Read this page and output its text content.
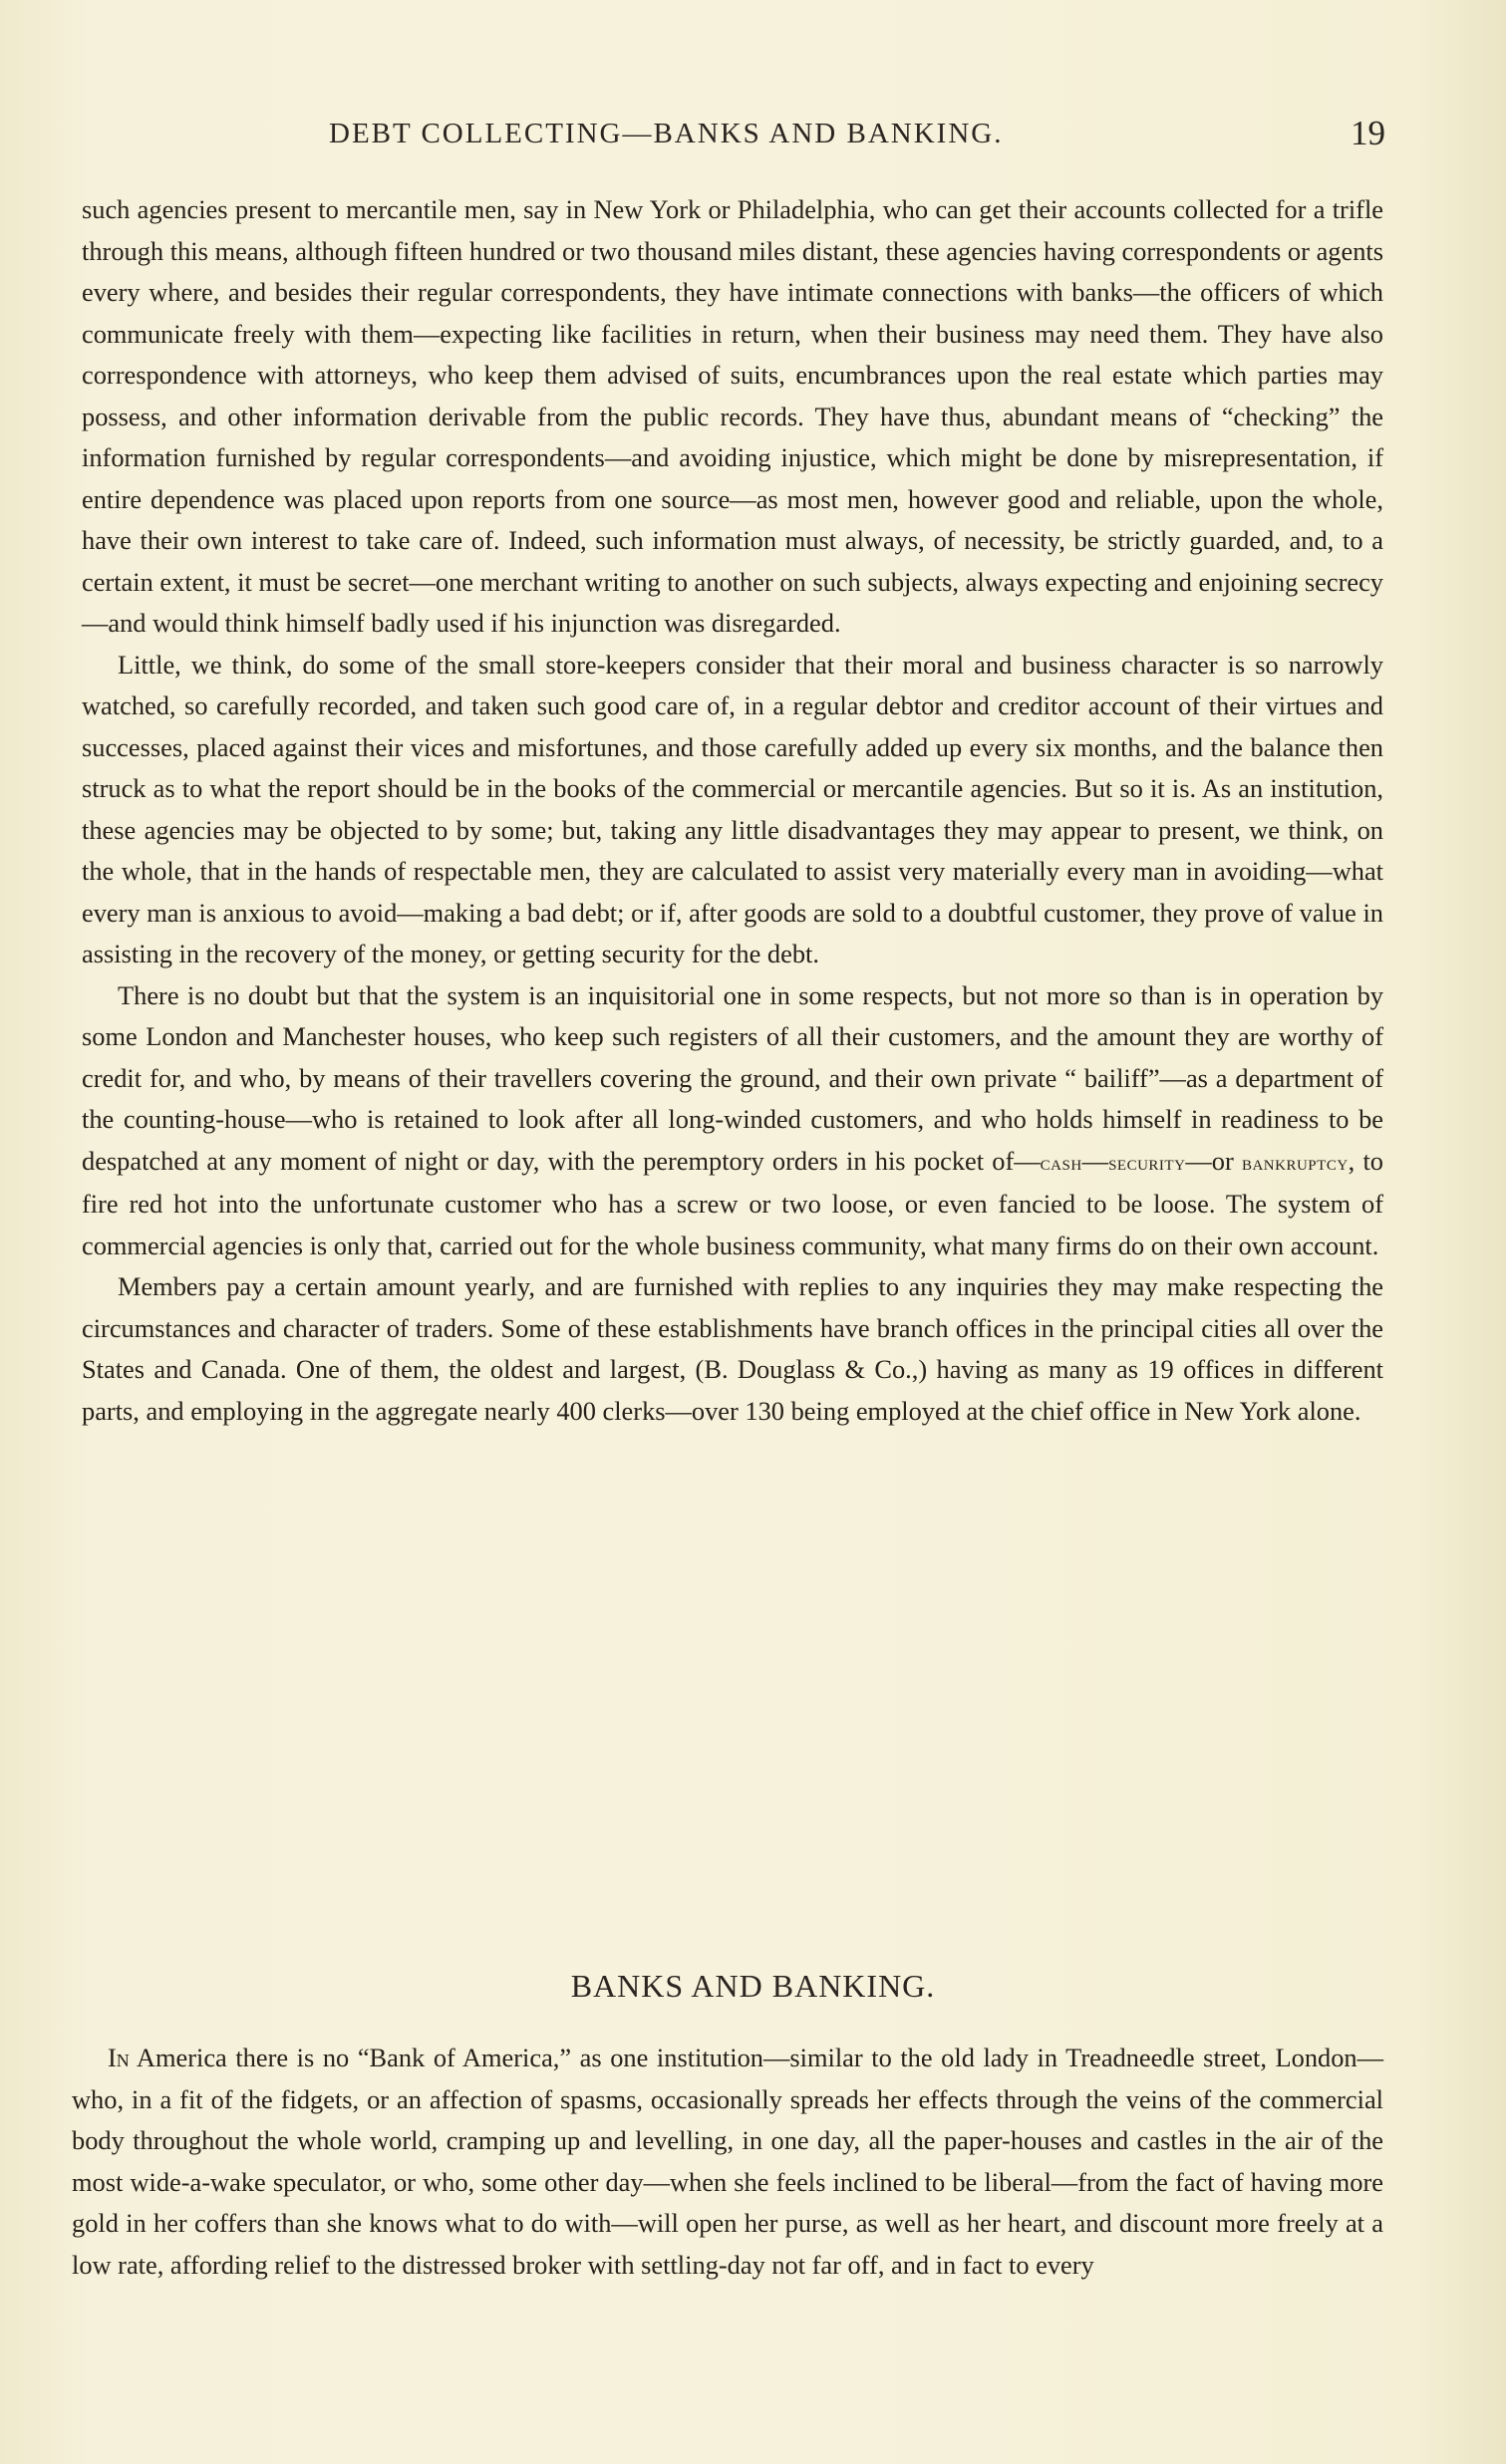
DEBT COLLECTING—BANKS AND BANKING.	19

such agencies present to mercantile men, say in New York or Philadelphia, who can get their accounts collected for a trifle through this means, although fifteen hundred or two thousand miles distant, these agencies having correspondents or agents every where, and besides their regular correspondents, they have intimate connections with banks—the officers of which communicate freely with them—expecting like facilities in return, when their business may need them. They have also correspondence with attorneys, who keep them advised of suits, encumbrances upon the real estate which parties may possess, and other information derivable from the public records. They have thus, abundant means of “checking” the information furnished by regular correspondents—and avoiding injustice, which might be done by misrepresentation, if entire dependence was placed upon reports from one source—as most men, however good and reliable, upon the whole, have their own interest to take care of. Indeed, such information must always, of necessity, be strictly guarded, and, to a certain extent, it must be secret—one merchant writing to another on such subjects, always expecting and enjoining secrecy—and would think himself badly used if his injunction was disregarded.

Little, we think, do some of the small store-keepers consider that their moral and business character is so narrowly watched, so carefully recorded, and taken such good care of, in a regular debtor and creditor account of their virtues and successes, placed against their vices and misfortunes, and those carefully added up every six months, and the balance then struck as to what the report should be in the books of the commercial or mercantile agencies. But so it is. As an institution, these agencies may be objected to by some; but, taking any little disadvantages they may appear to present, we think, on the whole, that in the hands of respectable men, they are calculated to assist very materially every man in avoiding—what every man is anxious to avoid—making a bad debt; or if, after goods are sold to a doubtful customer, they prove of value in assisting in the recovery of the money, or getting security for the debt.

There is no doubt but that the system is an inquisitorial one in some respects, but not more so than is in operation by some London and Manchester houses, who keep such registers of all their customers, and the amount they are worthy of credit for, and who, by means of their travellers covering the ground, and their own private “ bailiff”—as a department of the counting-house—who is retained to look after all long-winded customers, and who holds himself in readiness to be despatched at any moment of night or day, with the peremptory orders in his pocket of—cash—security—or bankruptcy, to fire red hot into the unfortunate customer who has a screw or two loose, or even fancied to be loose. The system of commercial agencies is only that, carried out for the whole business community, what many firms do on their own account.

Members pay a certain amount yearly, and are furnished with replies to any inquiries they may make respecting the circumstances and character of traders. Some of these establishments have branch offices in the principal cities all over the States and Canada. One of them, the oldest and largest, (B. Douglass & Co.,) having as many as 19 offices in different parts, and employing in the aggregate nearly 400 clerks—over 130 being employed at the chief office in New York alone.

BANKS AND BANKING.

In America there is no “Bank of America,” as one institution—similar to the old lady in Treadneedle street, London—who, in a fit of the fidgets, or an affection of spasms, occasionally spreads her effects through the veins of the commercial body throughout the whole world, cramping up and levelling, in one day, all the paper-houses and castles in the air of the most wide-a-wake speculator, or who, some other day—when she feels inclined to be liberal—from the fact of having more gold in her coffers than she knows what to do with—will open her purse, as well as her heart, and discount more freely at a low rate, affording relief to the distressed broker with settling-day not far off, and in fact to every
